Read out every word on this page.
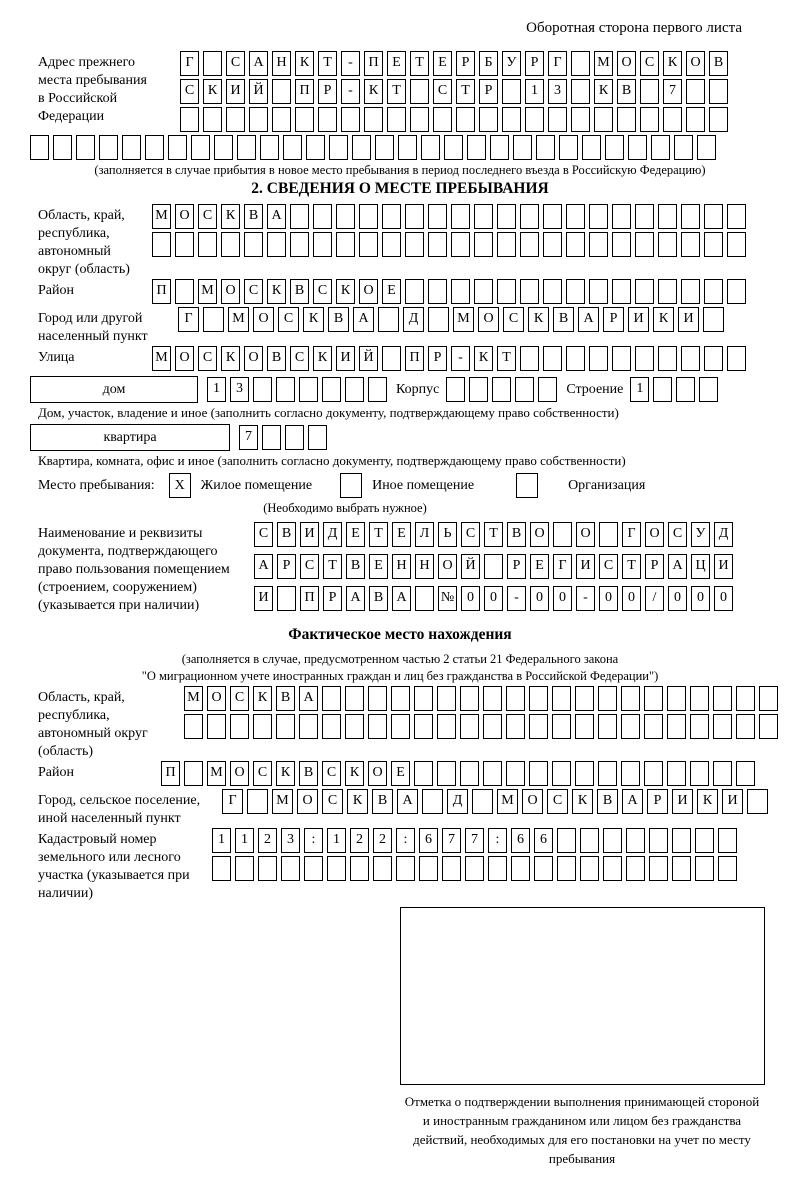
Оборотная сторона первого листа
Адрес прежнего места пребывания в Российской Федерации
Г	С А Н К Т - П Е Т Е Р Б У Р Г	М О С К О В
С К И Й	П Р - К Т	С Т Р	1 3	К В	7
(заполняется в случае прибытия в новое место пребывания в период последнего въезда в Российскую Федерацию)
2. СВЕДЕНИЯ О МЕСТЕ ПРЕБЫВАНИЯ
Область, край, республика, автономный округ (область)
М О С К В А
Район	П М О С К В С К О Е
Город или другой населенный пункт
Г	М О С К В А	Д	М О С К В А Р И К И
Улица	М О С К О В С К И Й	П Р - К Т
дом	1 3	Корпус	Строение 1
Дом, участок, владение и иное (заполнить согласно документу, подтверждающему право собственности)
квартира	7
Квартира, комната, офис и иное (заполнить согласно документу, подтверждающему право собственности)
Место пребывания:	X	Жилое помещение	Иное помещение	Организация
(Необходимо выбрать нужное)
Наименование и реквизиты документа, подтверждающего право пользования помещением (строением, сооружением) (указывается при наличии)
С В И Д Е Т Е Л Ь С Т В О	О	Г О С У Д
А Р С Т В Е Н Н О Й	Р Е Г И С Т Р А Ц И
И	П Р А В А № 0 0 - 0 0 - 0 0 / 0 0 0
Фактическое место нахождения
(заполняется в случае, предусмотренном частью 2 статьи 21 Федерального закона
"О миграционном учете иностранных граждан и лиц без гражданства в Российской Федерации")
Область, край, республика, автономный округ (область)
М О С К В А
Район	П М О С К В С К О Е
Город, сельское поселение, иной населенный пункт
Г	М О С К В А	Д	М О С К В А Р И К И
Кадастровый номер земельного или лесного участка (указывается при наличии)
1 1 2 3 : 1 2 2 : 6 7 7 : 6 6
Отметка о подтверждении выполнения принимающей стороной и иностранным гражданином или лицом без гражданства действий, необходимых для его постановки на учет по месту пребывания
